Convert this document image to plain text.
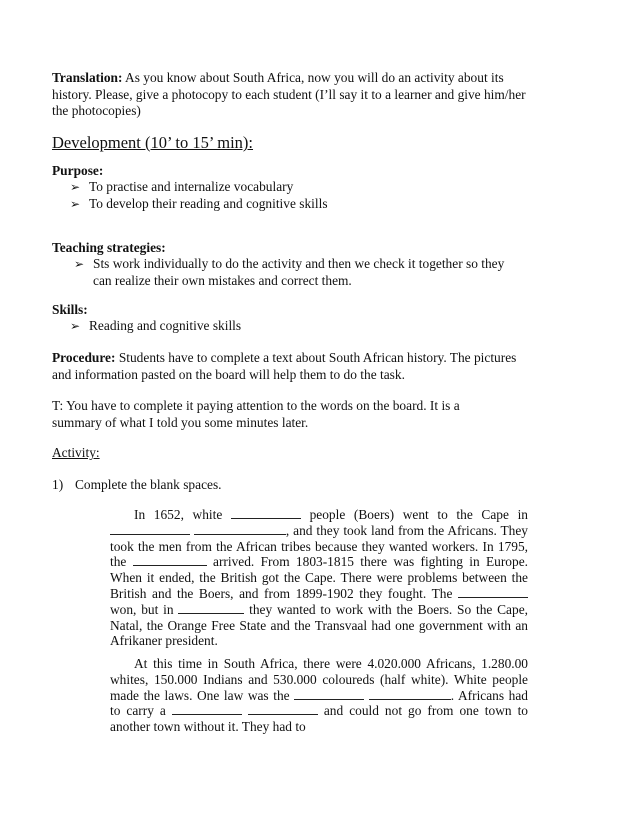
Translation: As you know about South Africa, now you will do an activity about its history. Please, give a photocopy to each student (I’ll say it to a learner and give him/her the photocopies)
Development (10’ to 15’ min):
Purpose:
➢ To practise and internalize vocabulary
➢ To develop their reading and cognitive skills
Teaching strategies:
➢ Sts work individually to do the activity and then we check it together so they can realize their own mistakes and correct them.
Skills:
➢ Reading and cognitive skills
Procedure: Students have to complete a text about South African history. The pictures and information pasted on the board will help them to do the task.
T: You have to complete it paying attention to the words on the board. It is a summary of what I told you some minutes later.
Activity:
1) Complete the blank spaces.

In 1652, white	people (Boers) went to the Cape in  , and they took land from the Africans. They took the men from the African tribes because they wanted workers. In 1795, the	arrived. From 1803-1815 there was fighting in Europe. When it ended, the British got the Cape. There were problems between the British and the Boers, and from 1899-1902 they fought. The  won, but in	they wanted to work with the Boers. So the Cape, Natal, the Orange Free State and the Transvaal had one government with an Afrikaner president.

At this time in South Africa, there were 4.020.000 Africans, 1.280.00 whites, 150.000 Indians and 530.000 coloureds (half white). White people made the laws. One law was the	. Africans had to carry a	and could not go from one town to another town without it. They had to
